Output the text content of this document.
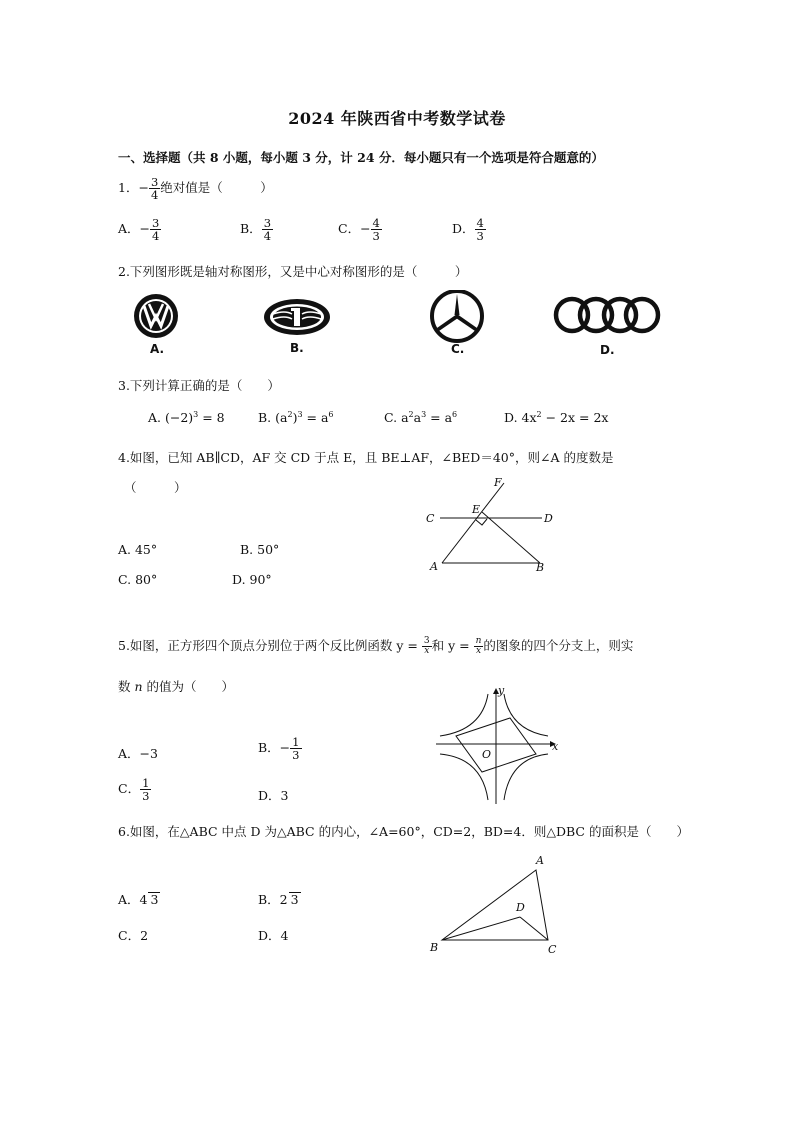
2024 年陕西省中考数学试卷
一、选择题（共 8 小题，每小题 3 分，计 24 分．每小题只有一个选项是符合题意的）
1．− $\frac{3}{4}$ 绝对值是（　　　）
A．− $\frac{3}{4}$	B． $\frac{3}{4}$	C．− $\frac{4}{3}$	D． $\frac{4}{3}$
2.下列图形既是轴对称图形，又是中心对称图形的是（　　　）
A.	B.	C.	D.
3.下列计算正确的是（　　）
A. $(-2)^3 = 8$	B. $(a^2)^3 = a^6$	C. $a^2a^3 = a^6$	D. $4x^2 - 2x = 2x$
4.如图，已知 AB∥CD，AF 交 CD 于点 E，且 BE⊥AF，∠BED＝40°，则∠A 的度数是
（　　　）
A. 45°	B. 50°
C. 80°	D. 90°
F
E
C	D
A	B
5.如图，正方形四个顶点分别位于两个反比例函数 $y = \frac{3}{x}$ 和 $y = \frac{n}{x}$ 的图象的四个分支上，则实
数 n 的值为（　　）
A．−3	B．− $\frac{1}{3}$
C． $\frac{1}{3}$	D．3
x
y
O
6.如图，在△ABC 中点 D 为△ABC 的内心，∠A=60°，CD=2，BD=4．则△DBC 的面积是（　　）
A．4 3	B．2 3
C．2	D．4
A
B	C
D
